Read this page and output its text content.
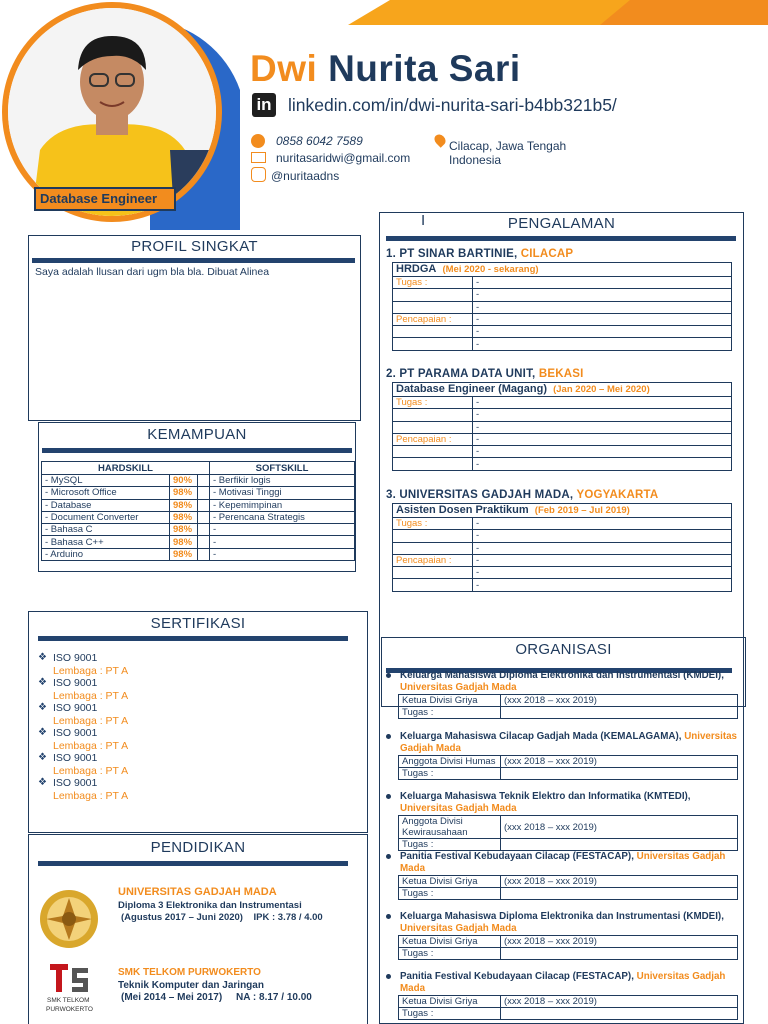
Database Engineer
Dwi Nurita Sari
in linkedin.com/in/dwi-nurita-sari-b4bb321b5/
0858 6042 7589
nuritasaridwi@gmail.com
@nuritaadns
Cilacap, Jawa Tengah
Indonesia
PROFIL SINGKAT
Saya adalah llusan dari ugm bla bla. Dibuat Alinea
KEMAMPUAN
HARDSKILL			SOFTSKILL
- MySQL	90%		- Berfikir logis
- Microsoft Office	98%		- Motivasi Tinggi
- Database	98%		- Kepemimpinan
- Document Converter	98%		- Perencana Strategis
- Bahasa C	98%		-
- Bahasa C++	98%		-
- Arduino	98%		-
SERTIFIKASI
❖ ISO 9001
Lembaga : PT A
❖ ISO 9001
Lembaga : PT A
❖ ISO 9001
Lembaga : PT A
❖ ISO 9001
Lembaga : PT A
❖ ISO 9001
Lembaga : PT A
❖ ISO 9001
Lembaga : PT A
PENDIDIKAN
UNIVERSITAS GADJAH MADA
Diploma 3 Elektronika dan Instrumentasi
(Agustus 2017 – Juni 2020)    IPK : 3.78 / 4.00
SMK TELKOM
PURWOKERTO
SMK TELKOM PURWOKERTO
Teknik Komputer dan Jaringan
(Mei 2014 – Mei 2017)     NA : 8.17 / 10.00
I	PENGALAMAN
1. PT SINAR BARTINIE, CILACAP
HRDGA (Mei 2020 - sekarang)	
Tugas :	-
	-
	-
Pencapaian :	-
	-
	-
2. PT PARAMA DATA UNIT, BEKASI
Database Engineer (Magang) (Jan 2020 – Mei 2020)	
Tugas :	-
	-
	-
Pencapaian :	-
	-
	-
3. UNIVERSITAS GADJAH MADA, YOGYAKARTA
Asisten Dosen Praktikum (Feb 2019 – Jul 2019)	
Tugas :	-
	-
	-
Pencapaian :	-
	-
	-
ORGANISASI
Keluarga Mahasiswa Diploma Elektronika dan Instrumentasi (KMDEI), Universitas Gadjah Mada
Ketua Divisi Griya	(xxx 2018 – xxx 2019)
Tugas :	
Keluarga Mahasiswa Cilacap Gadjah Mada (KEMALAGAMA), Universitas Gadjah Mada
Anggota Divisi Humas	(xxx 2018 – xxx 2019)
Tugas :	
Keluarga Mahasiswa Teknik Elektro dan Informatika (KMTEDI), Universitas Gadjah Mada
Anggota Divisi Kewirausahaan	(xxx 2018 – xxx 2019)
Tugas :	
Panitia Festival Kebudayaan Cilacap (FESTACAP), Universitas Gadjah Mada
Ketua Divisi Griya	(xxx 2018 – xxx 2019)
Tugas :	
Keluarga Mahasiswa Diploma Elektronika dan Instrumentasi (KMDEI), Universitas Gadjah Mada
Ketua Divisi Griya	(xxx 2018 – xxx 2019)
Tugas :	
Panitia Festival Kebudayaan Cilacap (FESTACAP), Universitas Gadjah Mada
Ketua Divisi Griya	(xxx 2018 – xxx 2019)
Tugas :	
